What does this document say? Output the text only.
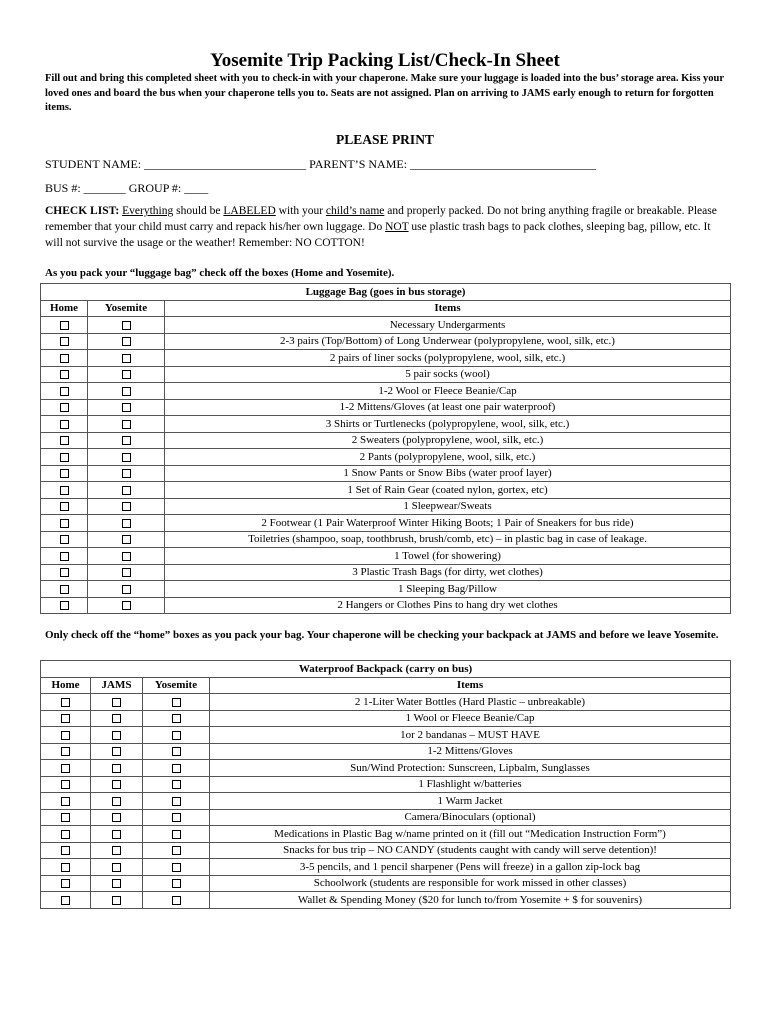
Yosemite Trip Packing List/Check-In Sheet
Fill out and bring this completed sheet with you to check-in with your chaperone. Make sure your luggage is loaded into the bus’ storage area. Kiss your loved ones and board the bus when your chaperone tells you to. Seats are not assigned. Plan on arriving to JAMS early enough to return for forgotten items.
PLEASE PRINT
STUDENT NAME: ___________________________ PARENT’S NAME: _______________________________
BUS #: _______ GROUP #: ____
CHECK LIST: Everything should be LABELED with your child’s name and properly packed. Do not bring anything fragile or breakable. Please remember that your child must carry and repack his/her own luggage. Do NOT use plastic trash bags to pack clothes, sleeping bag, pillow, etc. It will not survive the usage or the weather! Remember: NO COTTON!
As you pack your “luggage bag” check off the boxes (Home and Yosemite).
Luggage Bag (goes in bus storage)		
Home	Yosemite	Items
		Necessary Undergarments
		2-3 pairs (Top/Bottom) of Long Underwear (polypropylene, wool, silk, etc.)
		2 pairs of liner socks (polypropylene, wool, silk, etc.)
		5 pair socks (wool)
		1-2 Wool or Fleece Beanie/Cap
		1-2 Mittens/Gloves (at least one pair waterproof)
		3 Shirts or Turtlenecks (polypropylene, wool, silk, etc.)
		2 Sweaters (polypropylene, wool, silk, etc.)
		2 Pants (polypropylene, wool, silk, etc.)
		1 Snow Pants or Snow Bibs (water proof layer)
		1 Set of Rain Gear (coated nylon, gortex, etc)
		1 Sleepwear/Sweats
		2 Footwear (1 Pair Waterproof Winter Hiking Boots; 1 Pair of Sneakers for bus ride)
		Toiletries (shampoo, soap, toothbrush, brush/comb, etc) – in plastic bag in case of leakage.
		1 Towel (for showering)
		3 Plastic Trash Bags (for dirty, wet clothes)
		1 Sleeping Bag/Pillow
		2 Hangers or Clothes Pins to hang dry wet clothes
Only check off the “home” boxes as you pack your bag. Your chaperone will be checking your backpack at JAMS and before we leave Yosemite.
Waterproof Backpack (carry on bus)			
Home	JAMS	Yosemite	Items
			2 1-Liter Water Bottles (Hard Plastic – unbreakable)
			1 Wool or Fleece Beanie/Cap
			1or 2 bandanas – MUST HAVE
			1-2 Mittens/Gloves
			Sun/Wind Protection: Sunscreen, Lipbalm, Sunglasses
			1 Flashlight w/batteries
			1 Warm Jacket
			Camera/Binoculars (optional)
			Medications in Plastic Bag w/name printed on it (fill out “Medication Instruction Form”)
			Snacks for bus trip – NO CANDY (students caught with candy will serve detention)!
			3-5 pencils, and 1 pencil sharpener (Pens will freeze) in a gallon zip-lock bag
			Schoolwork (students are responsible for work missed in other classes)
			Wallet & Spending Money ($20 for lunch to/from Yosemite + $ for souvenirs)
